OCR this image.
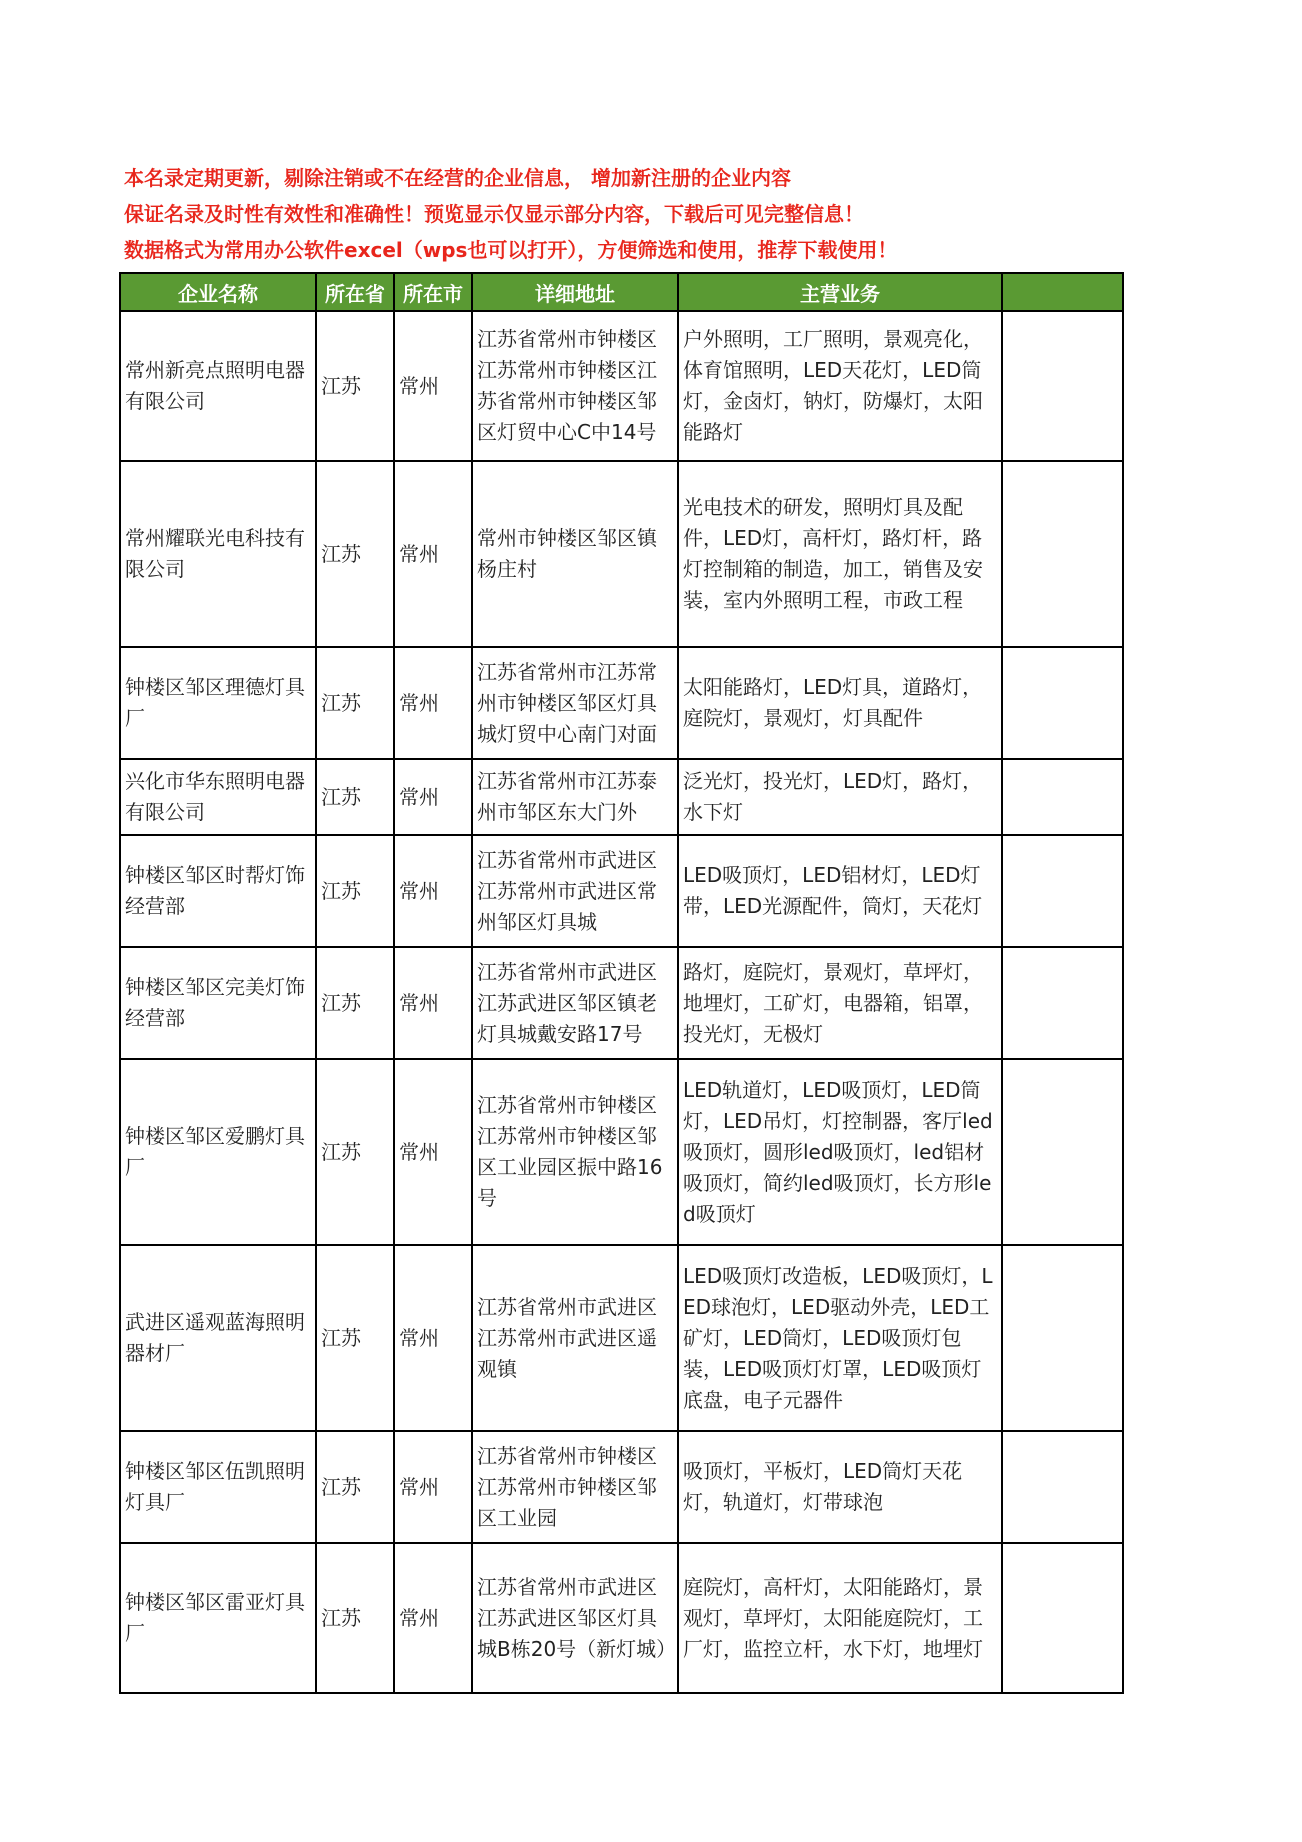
本名录定期更新，剔除注销或不在经营的企业信息， 增加新注册的企业内容
保证名录及时性有效性和准确性！预览显示仅显示部分内容，下载后可见完整信息！
数据格式为常用办公软件excel（wps也可以打开），方便筛选和使用，推荐下载使用！
企业名称	所在省	所在市	详细地址	主营业务	
常州新亮点照明电器有限公司	江苏	常州	江苏省常州市钟楼区江苏常州市钟楼区江苏省常州市钟楼区邹区灯贸中心C中14号	户外照明，工厂照明，景观亮化，体育馆照明，LED天花灯，LED筒灯，金卤灯，钠灯，防爆灯，太阳能路灯	
常州耀联光电科技有限公司	江苏	常州	常州市钟楼区邹区镇杨庄村	光电技术的研发，照明灯具及配件，LED灯，高杆灯，路灯杆，路灯控制箱的制造，加工，销售及安装，室内外照明工程，市政工程	
钟楼区邹区理德灯具厂	江苏	常州	江苏省常州市江苏常州市钟楼区邹区灯具城灯贸中心南门对面	太阳能路灯，LED灯具，道路灯，庭院灯，景观灯，灯具配件	
兴化市华东照明电器有限公司	江苏	常州	江苏省常州市江苏泰州市邹区东大门外	泛光灯，投光灯，LED灯，路灯，水下灯	
钟楼区邹区时帮灯饰经营部	江苏	常州	江苏省常州市武进区江苏常州市武进区常州邹区灯具城	LED吸顶灯，LED铝材灯，LED灯带，LED光源配件，筒灯，天花灯	
钟楼区邹区完美灯饰经营部	江苏	常州	江苏省常州市武进区江苏武进区邹区镇老灯具城戴安路17号	路灯，庭院灯，景观灯，草坪灯，地埋灯，工矿灯，电器箱，铝罩，投光灯，无极灯	
钟楼区邹区爱鹏灯具厂	江苏	常州	江苏省常州市钟楼区江苏常州市钟楼区邹区工业园区振中路16号	LED轨道灯，LED吸顶灯，LED筒灯，LED吊灯，灯控制器，客厅led吸顶灯，圆形led吸顶灯，led铝材吸顶灯，简约led吸顶灯，长方形led吸顶灯	
武进区遥观蓝海照明器材厂	江苏	常州	江苏省常州市武进区江苏常州市武进区遥观镇	LED吸顶灯改造板，LED吸顶灯，LED球泡灯，LED驱动外壳，LED工矿灯，LED筒灯，LED吸顶灯包装，LED吸顶灯灯罩，LED吸顶灯底盘，电子元器件	
钟楼区邹区伍凯照明灯具厂	江苏	常州	江苏省常州市钟楼区江苏常州市钟楼区邹区工业园	吸顶灯，平板灯，LED筒灯天花灯，轨道灯，灯带球泡	
钟楼区邹区雷亚灯具厂	江苏	常州	江苏省常州市武进区江苏武进区邹区灯具城B栋20号（新灯城）	庭院灯，高杆灯，太阳能路灯，景观灯，草坪灯，太阳能庭院灯，工厂灯，监控立杆，水下灯，地埋灯	
